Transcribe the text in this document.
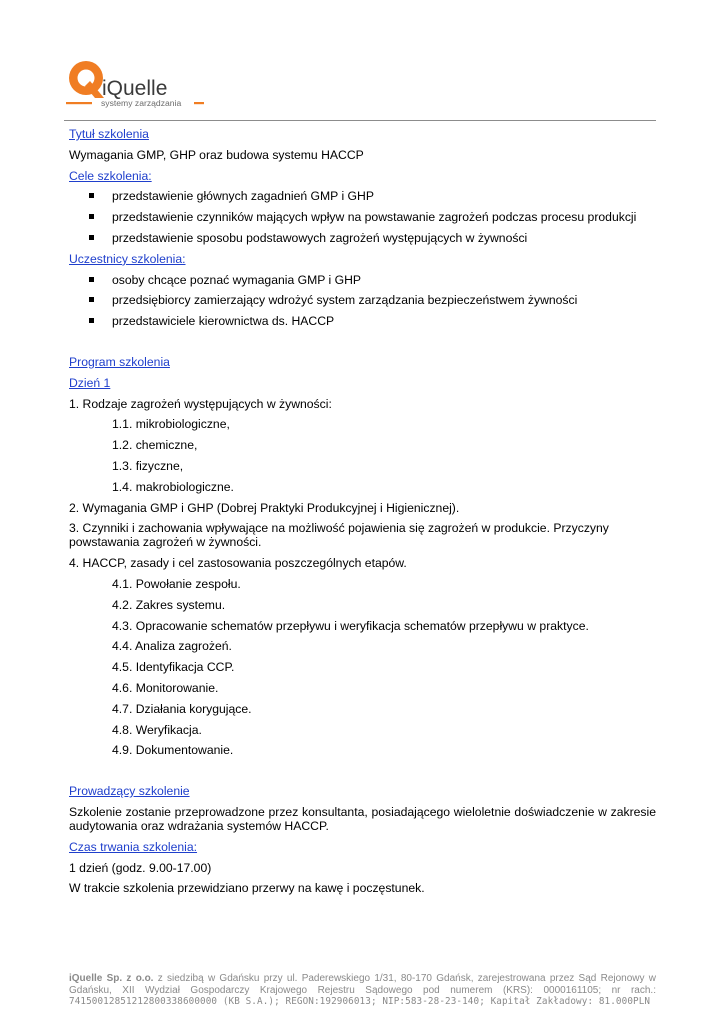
iQuelle
systemy zarządzania

Tytuł szkolenia

Wymagania GMP, GHP oraz budowa systemu HACCP

Cele szkolenia:

przedstawienie głównych zagadnień GMP i GHP
przedstawienie czynników mających wpływ na powstawanie zagrożeń podczas procesu produkcji
przedstawienie sposobu podstawowych zagrożeń występujących w żywności

Uczestnicy szkolenia:

osoby chcące poznać wymagania GMP i GHP
przedsiębiorcy zamierzający wdrożyć system zarządzania bezpieczeństwem żywności
przedstawiciele kierownictwa ds. HACCP

Program szkolenia

Dzień 1

1. Rodzaje zagrożeń występujących w żywności:

1.1. mikrobiologiczne,

1.2. chemiczne,

1.3. fizyczne,

1.4. makrobiologiczne.

2. Wymagania GMP i GHP (Dobrej Praktyki Produkcyjnej i Higienicznej).

3. Czynniki i zachowania wpływające na możliwość pojawienia się zagrożeń w produkcie. Przyczyny powstawania zagrożeń w żywności.

4. HACCP, zasady i cel zastosowania poszczególnych etapów.

4.1. Powołanie zespołu.

4.2. Zakres systemu.

4.3. Opracowanie schematów przepływu i weryfikacja schematów przepływu w praktyce.

4.4. Analiza zagrożeń.

4.5. Identyfikacja CCP.

4.6. Monitorowanie.

4.7. Działania korygujące.

4.8. Weryfikacja.

4.9. Dokumentowanie.

Prowadzący szkolenie

Szkolenie zostanie przeprowadzone przez konsultanta, posiadającego wieloletnie doświadczenie w zakresie audytowania oraz wdrażania systemów HACCP.

Czas trwania szkolenia:

1 dzień (godz. 9.00-17.00)

W trakcie szkolenia przewidziano przerwy na kawę i poczęstunek.

iQuelle Sp. z o.o. z siedzibą w Gdańsku przy ul. Paderewskiego 1/31, 80-170 Gdańsk, zarejestrowana przez Sąd Rejonowy w Gdańsku, XII Wydział Gospodarczy Krajowego Rejestru Sądowego pod numerem (KRS): 0000161105; nr rach.: 74150012851212800338600000 (KB S.A.); REGON:192906013; NIP:583-28-23-140; Kapitał Zakładowy: 81.000PLN
